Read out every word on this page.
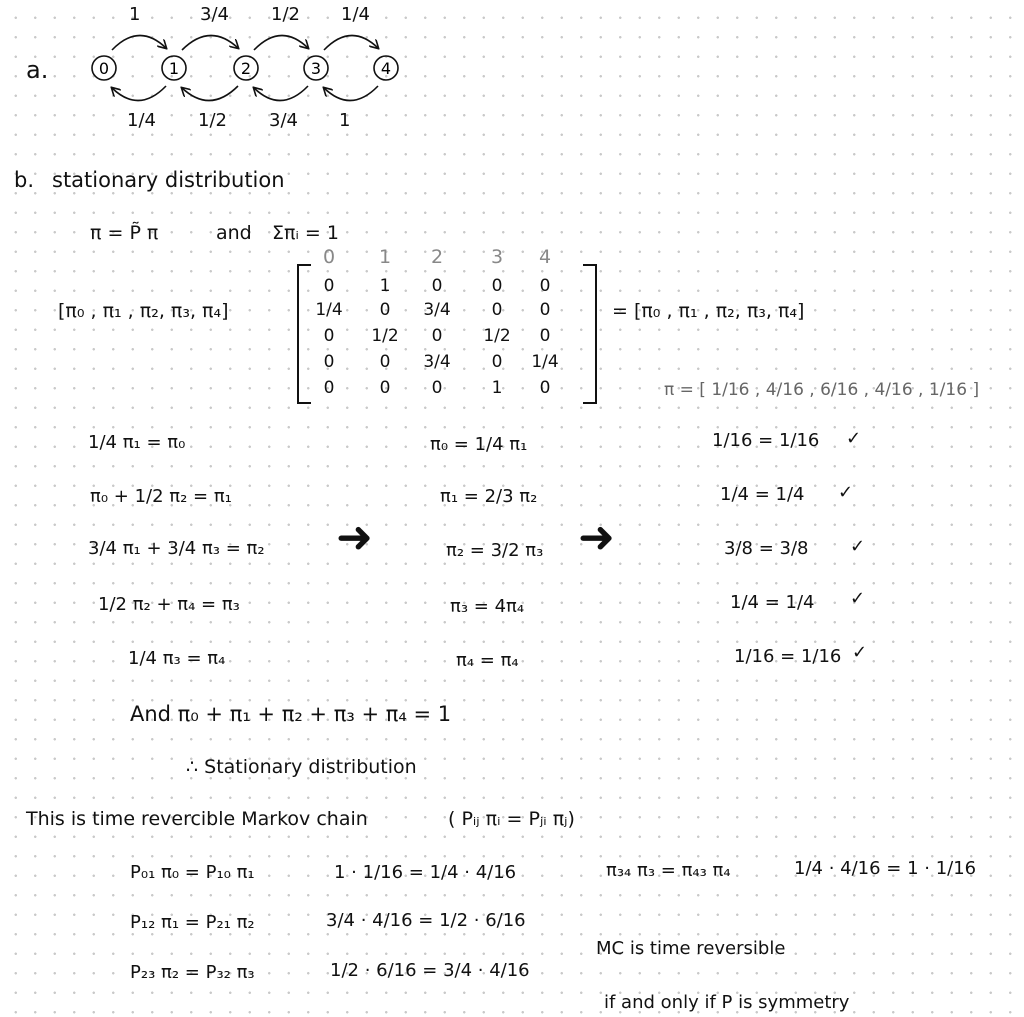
a.	0	1	2	3	4
1
1/4
3/4
1/2
1/2
3/4
1/4
1
b. stationary distribution
π = P̃ π	and Σπᵢ = 1
[π₀ , π₁ , π₂, π₃, π₄]
0	1	2	3	4
0	1	0	0	0
1/4	0	3/4	0	0
0	1/2	0	1/2	0
0	0	3/4	0	1/4
0	0	0	1	0
= [π₀ , π₁ , π₂, π₃, π₄]
π = [ 1/16 , 4/16 , 6/16 , 4/16 , 1/16 ]
1/4 π₁ = π₀
π₀ + 1/2 π₂ = π₁
3/4 π₁ + 3/4 π₃ = π₂
1/2 π₂ + π₄ = π₃
1/4 π₃ = π₄
➜
π₀ = 1/4 π₁
π₁ = 2/3 π₂
π₂ = 3/2 π₃
π₃ = 4π₄
π₄ = π₄
➜
1/16 = 1/16
1/4 = 1/4
3/8 = 3/8
1/4 = 1/4
1/16 = 1/16
✓
✓
✓
✓
✓
And π₀ + π₁ + π₂ + π₃ + π₄ = 1
∴ Stationary distribution
This is time revercible Markov chain	( Pᵢⱼ πᵢ = Pⱼᵢ πⱼ)
P₀₁ π₀ = P₁₀ π₁	1 · 1/16 = 1/4 · 4/16
P₁₂ π₁ = P₂₁ π₂	3/4 · 4/16 = 1/2 · 6/16
P₂₃ π₂ = P₃₂ π₃	1/2 · 6/16 = 3/4 · 4/16
π₃₄ π₃ = π₄₃ π₄	1/4 · 4/16 = 1 · 1/16
MC is time reversible
if and only if P is symmetry
